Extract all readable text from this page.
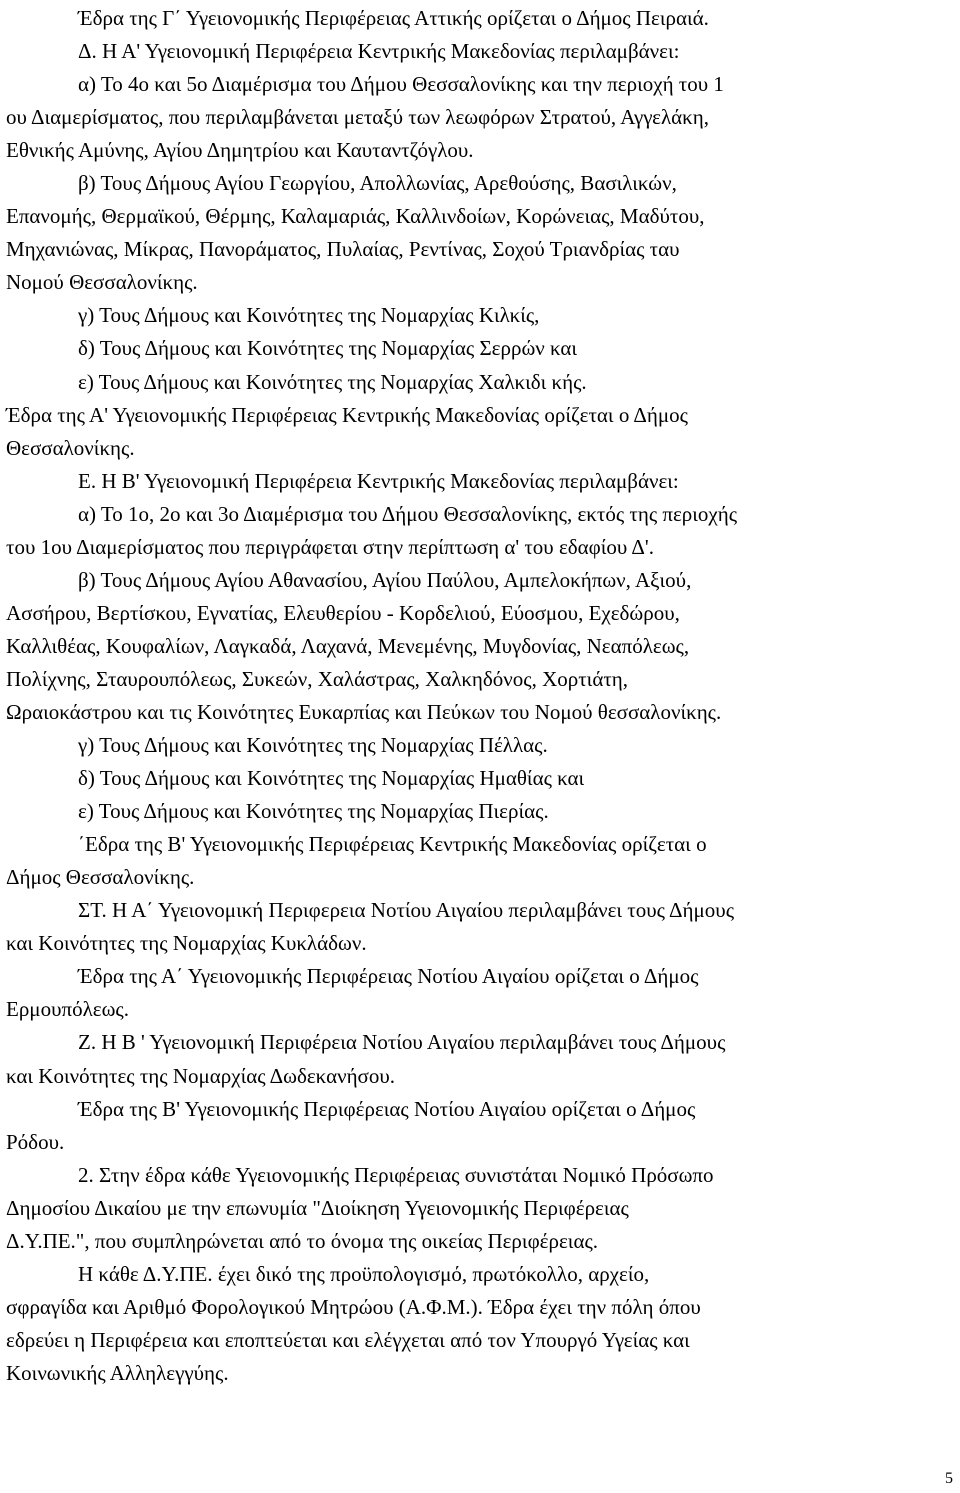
Έδρα της Γ΄ Υγειονομικής Περιφέρειας Αττικής ορίζεται ο Δήμος Πειραιά.
Δ. Η Α' Υγειονομική Περιφέρεια Κεντρικής Μακεδονίας περιλαμβάνει:
α) Το 4ο και 5ο Διαμέρισμα του Δήμου Θεσσαλονίκης και την περιοχή του 1
ου Διαμερίσματος, που περιλαμβάνεται μεταξύ των λεωφόρων Στρατού, Αγγελάκη,
Εθνικής Αμύνης, Αγίου Δημητρίου και Καυταντζόγλου.
β) Τους Δήμους Αγίου Γεωργίου, Απολλωνίας, Αρεθούσης, Βασιλικών,
Επανομής, Θερμαϊκού, Θέρμης, Καλαμαριάς, Καλλινδοίων, Κορώνειας, Μαδύτου,
Μηχανιώνας, Μίκρας, Πανοράματος, Πυλαίας, Ρεντίνας, Σοχού Τριανδρίας ταυ
Νομού Θεσσαλονίκης.
γ) Τους Δήμους και Κοινότητες της Νομαρχίας Κιλκίς,
δ) Τους Δήμους και Κοινότητες της Νομαρχίας Σερρών και
ε) Τους Δήμους και Κοινότητες της Νομαρχίας Χαλκιδι κής.
Έδρα της Α' Υγειονομικής Περιφέρειας Κεντρικής Μακεδονίας ορίζεται ο Δήμος
Θεσσαλονίκης.
Ε. Η Β' Υγειονομική Περιφέρεια Κεντρικής Μακεδονίας περιλαμβάνει:
α) Το 1ο, 2ο και 3ο Διαμέρισμα του Δήμου Θεσσαλονίκης, εκτός της περιοχής
του 1ου Διαμερίσματος που περιγράφεται στην περίπτωση α' του εδαφίου Δ'.
β) Τους Δήμους Αγίου Αθανασίου, Αγίου Παύλου, Αμπελοκήπων, Αξιού,
Ασσήρου, Βερτίσκου, Εγνατίας, Ελευθερίου - Κορδελιού, Εύοσμου, Εχεδώρου,
Καλλιθέας, Κουφαλίων, Λαγκαδά, Λαχανά, Μενεμένης, Μυγδονίας, Νεαπόλεως,
Πολίχνης, Σταυρουπόλεως, Συκεών, Χαλάστρας, Χαλκηδόνος, Χορτιάτη,
Ωραιοκάστρου και τις Κοινότητες Ευκαρπίας και Πεύκων του Νομού θεσσαλονίκης.
γ) Τους Δήμους και Κοινότητες της Νομαρχίας Πέλλας.
δ) Τους Δήμους και Κοινότητες της Νομαρχίας Ημαθίας και
ε) Τους Δήμους και Κοινότητες της Νομαρχίας Πιερίας.
΄Εδρα της Β' Υγειονομικής Περιφέρειας Κεντρικής Μακεδονίας ορίζεται ο
Δήμος Θεσσαλονίκης.
ΣΤ. Η Α΄ Υγειονομική Περιφερεια Νοτίου Αιγαίου περιλαμβάνει τους Δήμους
και Κοινότητες της Νομαρχίας Κυκλάδων.
Έδρα της Α΄ Υγειονομικής Περιφέρειας Νοτίου Αιγαίου ορίζεται ο Δήμος
Ερμουπόλεως.
Ζ. Η Β ' Υγειονομική Περιφέρεια Νοτίου Αιγαίου περιλαμβάνει τους Δήμους
και Κοινότητες της Νομαρχίας Δωδεκανήσου.
Έδρα της Β' Υγειονομικής Περιφέρειας Νοτίου Αιγαίου ορίζεται ο Δήμος
Ρόδου.
2. Στην έδρα κάθε Υγειονομικής Περιφέρειας συνιστάται Νομικό Πρόσωπο
Δημοσίου Δικαίου με την επωνυμία "Διοίκηση Υγειονομικής Περιφέρειας
Δ.Υ.ΠΕ.", που συμπληρώνεται από το όνομα της οικείας Περιφέρειας.
Η κάθε Δ.Υ.ΠΕ. έχει δικό της προϋπολογισμό, πρωτόκολλο, αρχείο,
σφραγίδα και Αριθμό Φορολογικού Μητρώου (Α.Φ.Μ.). Έδρα έχει την πόλη όπου
εδρεύει η Περιφέρεια και εποπτεύεται και ελέγχεται από τον Υπουργό Υγείας και
Κοινωνικής Αλληλεγγύης.
5
